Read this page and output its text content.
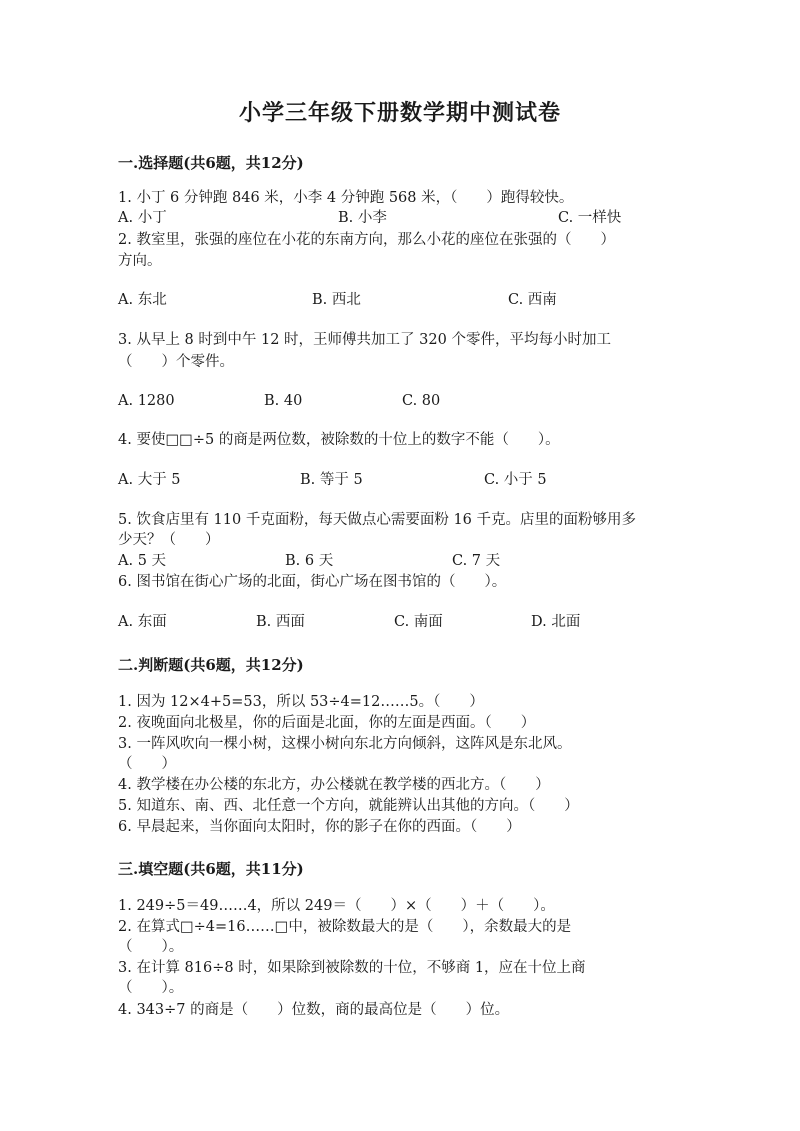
小学三年级下册数学期中测试卷
一.选择题(共6题，共12分)
1. 小丁 6 分钟跑 846 米，小李 4 分钟跑 568 米，（　　）跑得较快。
A. 小丁	B. 小李	C. 一样快
2. 教室里，张强的座位在小花的东南方向，那么小花的座位在张强的（　　）
方向。
A. 东北	B. 西北	C. 西南
3. 从早上 8 时到中午 12 时，王师傅共加工了 320 个零件，平均每小时加工
（　　）个零件。
A. 1280	B. 40	C. 80
4. 要使□□÷5 的商是两位数，被除数的十位上的数字不能（　　）。
A. 大于 5	B. 等于 5	C. 小于 5
5. 饮食店里有 110 千克面粉，每天做点心需要面粉 16 千克。店里的面粉够用多
少天？（　　）
A. 5 天	B. 6 天	C. 7 天
6. 图书馆在街心广场的北面，街心广场在图书馆的（　　）。
A. 东面	B. 西面	C. 南面	D. 北面
二.判断题(共6题，共12分)
1. 因为 12×4+5=53，所以 53÷4=12……5。（　　）
2. 夜晚面向北极星，你的后面是北面，你的左面是西面。（　　）
3. 一阵风吹向一棵小树，这棵小树向东北方向倾斜，这阵风是东北风。
（　　）
4. 教学楼在办公楼的东北方，办公楼就在教学楼的西北方。（　　）
5. 知道东、南、西、北任意一个方向，就能辨认出其他的方向。（　　）
6. 早晨起来，当你面向太阳时，你的影子在你的西面。（　　）
三.填空题(共6题，共11分)
1. 249÷5＝49……4，所以 249＝（　　）×（　　）＋（　　）。
2. 在算式□÷4=16……□中，被除数最大的是（　　），余数最大的是
（　　）。
3. 在计算 816÷8 时，如果除到被除数的十位，不够商 1，应在十位上商
（　　）。
4. 343÷7 的商是（　　）位数，商的最高位是（　　）位。
